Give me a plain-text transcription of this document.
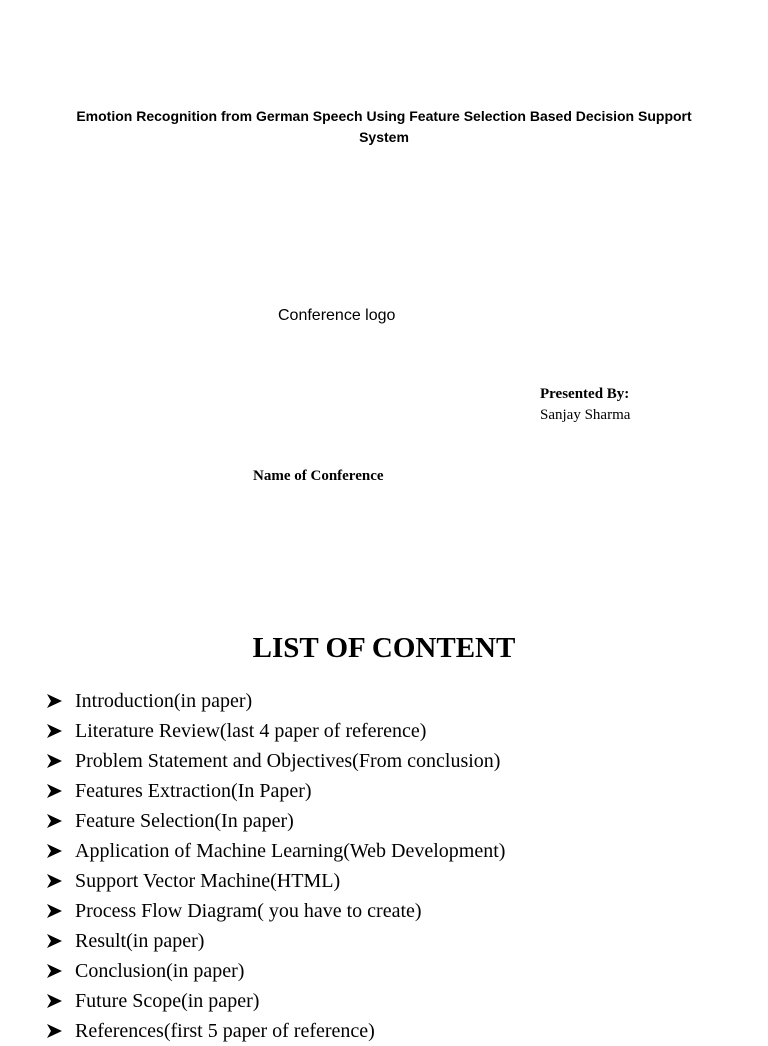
Emotion Recognition from German Speech Using Feature Selection Based Decision Support System
Conference logo
Presented By:
Sanjay Sharma
Name of Conference
LIST OF CONTENT
Introduction(in paper)
Literature Review(last 4 paper of reference)
Problem Statement and Objectives(From conclusion)
Features Extraction(In Paper)
Feature Selection(In paper)
Application of Machine Learning(Web Development)
Support Vector Machine(HTML)
Process Flow Diagram( you have to create)
Result(in paper)
Conclusion(in paper)
Future Scope(in paper)
References(first 5 paper of reference)
